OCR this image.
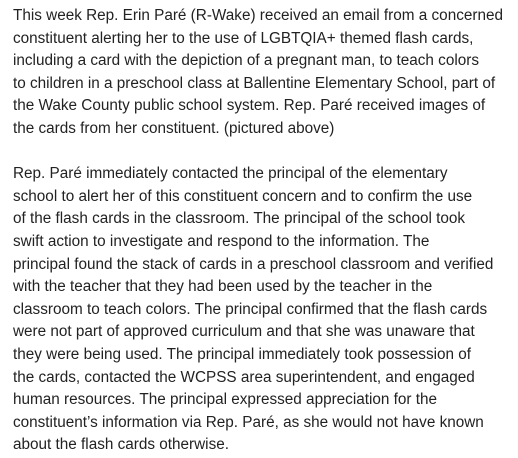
This week Rep. Erin Paré (R-Wake) received an email from a concerned
constituent alerting her to the use of LGBTQIA+ themed flash cards,
including a card with the depiction of a pregnant man, to teach colors
to children in a preschool class at Ballentine Elementary School, part of
the Wake County public school system. Rep. Paré received images of
the cards from her constituent. (pictured above)

Rep. Paré immediately contacted the principal of the elementary
school to alert her of this constituent concern and to confirm the use
of the flash cards in the classroom. The principal of the school took
swift action to investigate and respond to the information. The
principal found the stack of cards in a preschool classroom and verified
with the teacher that they had been used by the teacher in the
classroom to teach colors. The principal confirmed that the flash cards
were not part of approved curriculum and that she was unaware that
they were being used. The principal immediately took possession of
the cards, contacted the WCPSS area superintendent, and engaged
human resources. The principal expressed appreciation for the
constituent’s information via Rep. Paré, as she would not have known
about the flash cards otherwise.
